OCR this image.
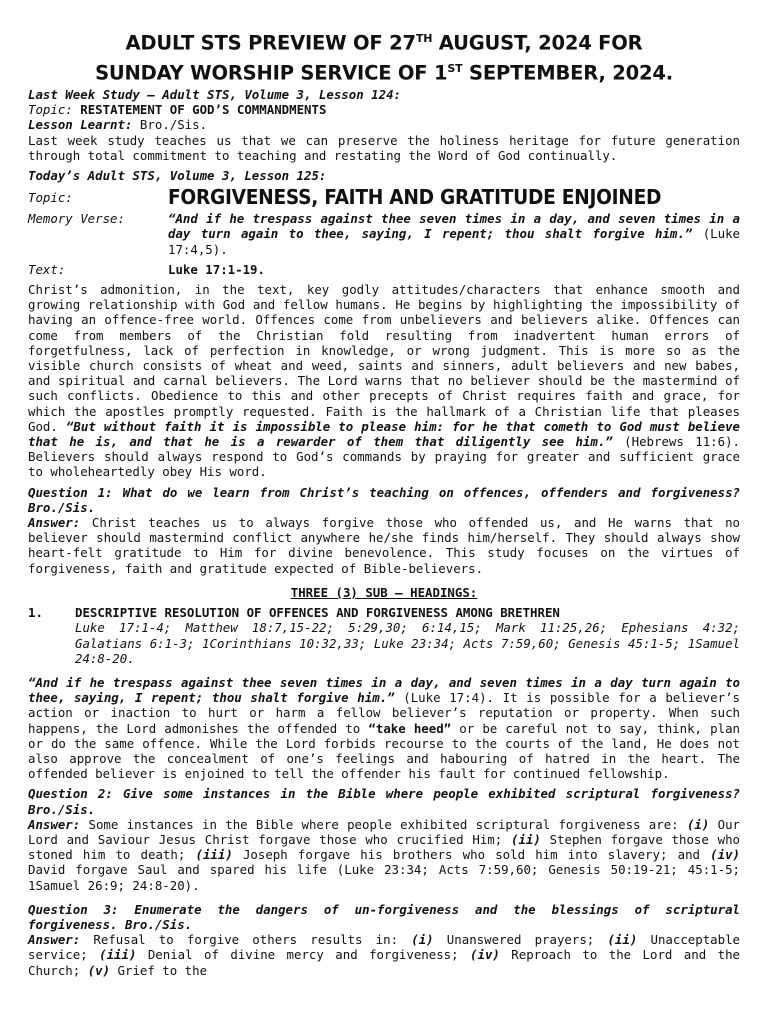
ADULT STS PREVIEW OF 27TH AUGUST, 2024 FOR
SUNDAY WORSHIP SERVICE OF 1ST SEPTEMBER, 2024.
Last Week Study – Adult STS, Volume 3, Lesson 124:
Topic: RESTATEMENT OF GOD’S COMMANDMENTS
Lesson Learnt: Bro./Sis.

Last week study teaches us that we can preserve the holiness heritage for future generation through total commitment to teaching and restating the Word of God continually.

Today’s Adult STS, Volume 3, Lesson 125:
Topic:	FORGIVENESS, FAITH AND GRATITUDE ENJOINED
Memory Verse:	“And if he trespass against thee seven times in a day, and seven times in a day turn again to thee, saying, I repent; thou shalt forgive him.” (Luke 17:4,5).

Text:	Luke 17:1-19.

Christ’s admonition, in the text, key godly attitudes/characters that enhance smooth and growing relationship with God and fellow humans. He begins by highlighting the impossibility of having an offence-free world. Offences come from unbelievers and believers alike. Offences can come from members of the Christian fold resulting from inadvertent human errors of forgetfulness, lack of perfection in knowledge, or wrong judgment. This is more so as the visible church consists of wheat and weed, saints and sinners, adult believers and new babes, and spiritual and carnal believers. The Lord warns that no believer should be the mastermind of such conflicts. Obedience to this and other precepts of Christ requires faith and grace, for which the apostles promptly requested. Faith is the hallmark of a Christian life that pleases God. “But without faith it is impossible to please him: for he that cometh to God must believe that he is, and that he is a rewarder of them that diligently see him.” (Hebrews 11:6). Believers should always respond to God’s commands by praying for greater and sufficient grace to wholeheartedly obey His word.

Question 1: What do we learn from Christ’s teaching on offences, offenders and forgiveness? Bro./Sis.

Answer: Christ teaches us to always forgive those who offended us, and He warns that no believer should mastermind conflict anywhere he/she finds him/herself. They should always show heart-felt gratitude to Him for divine benevolence. This study focuses on the virtues of forgiveness, faith and gratitude expected of Bible-believers.

THREE (3) SUB – HEADINGS:
1.	DESCRIPTIVE RESOLUTION OF OFFENCES AND FORGIVENESS AMONG BRETHREN

Luke 17:1-4; Matthew 18:7,15-22; 5:29,30; 6:14,15; Mark 11:25,26; Ephesians 4:32; Galatians 6:1-3; 1Corinthians 10:32,33; Luke 23:34; Acts 7:59,60; Genesis 45:1-5; 1Samuel 24:8-20.

“And if he trespass against thee seven times in a day, and seven times in a day turn again to thee, saying, I repent; thou shalt forgive him.” (Luke 17:4). It is possible for a believer’s action or inaction to hurt or harm a fellow believer’s reputation or property. When such happens, the Lord admonishes the offended to “take heed” or be careful not to say, think, plan or do the same offence. While the Lord forbids recourse to the courts of the land, He does not also approve the concealment of one’s feelings and habouring of hatred in the heart. The offended believer is enjoined to tell the offender his fault for continued fellowship.

Question 2: Give some instances in the Bible where people exhibited scriptural forgiveness? Bro./Sis.

Answer: Some instances in the Bible where people exhibited scriptural forgiveness are: (i) Our Lord and Saviour Jesus Christ forgave those who crucified Him; (ii) Stephen forgave those who stoned him to death; (iii) Joseph forgave his brothers who sold him into slavery; and (iv) David forgave Saul and spared his life (Luke 23:34; Acts 7:59,60; Genesis 50:19-21; 45:1-5; 1Samuel 26:9; 24:8-20).

Question 3: Enumerate the dangers of un-forgiveness and the blessings of scriptural forgiveness. Bro./Sis.

Answer: Refusal to forgive others results in: (i) Unanswered prayers; (ii) Unacceptable service; (iii) Denial of divine mercy and forgiveness; (iv) Reproach to the Lord and the Church; (v) Grief to the
